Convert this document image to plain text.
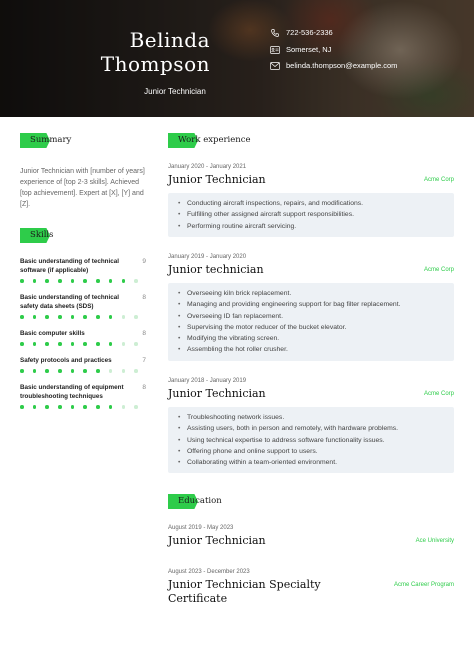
Belinda
Thompson
Junior Technician
722-536-2336
Somerset, NJ
belinda.thompson@example.com
Summary
Junior Technician with [number of years] experience of [top 2-3 skills]. Achieved [top achievement]. Expert at [X], [Y] and [Z].
Skills
Basic understanding of technical software (if applicable)
9
Basic understanding of technical safety data sheets (SDS)
8
Basic computer skills	8
Safety protocols and practices	7
Basic understanding of equipment troubleshooting techniques
8
Work experience
January 2020 - January 2021
Acme Corp
Junior Technician
• Conducting aircraft inspections, repairs, and modifications.
• Fulfilling other assigned aircraft support responsibilities.
• Performing routine aircraft servicing.
January 2019 - January 2020
Acme Corp
Junior technician
• Overseeing kiln brick replacement.
• Managing and providing engineering support for bag filter replacement.
• Overseeing ID fan replacement.
• Supervising the motor reducer of the bucket elevator.
• Modifying the vibrating screen.
• Assembling the hot roller crusher.
January 2018 - January 2019
Acme Corp
Junior Technician
• Troubleshooting network issues.
• Assisting users, both in person and remotely, with hardware problems.
• Using technical expertise to address software functionality issues.
• Offering phone and online support to users.
• Collaborating within a team-oriented environment.
Education
August 2019 - May 2023
Ace University
Junior Technician
August 2023 - December 2023
Acme Career Program
Junior Technician Specialty Certificate
